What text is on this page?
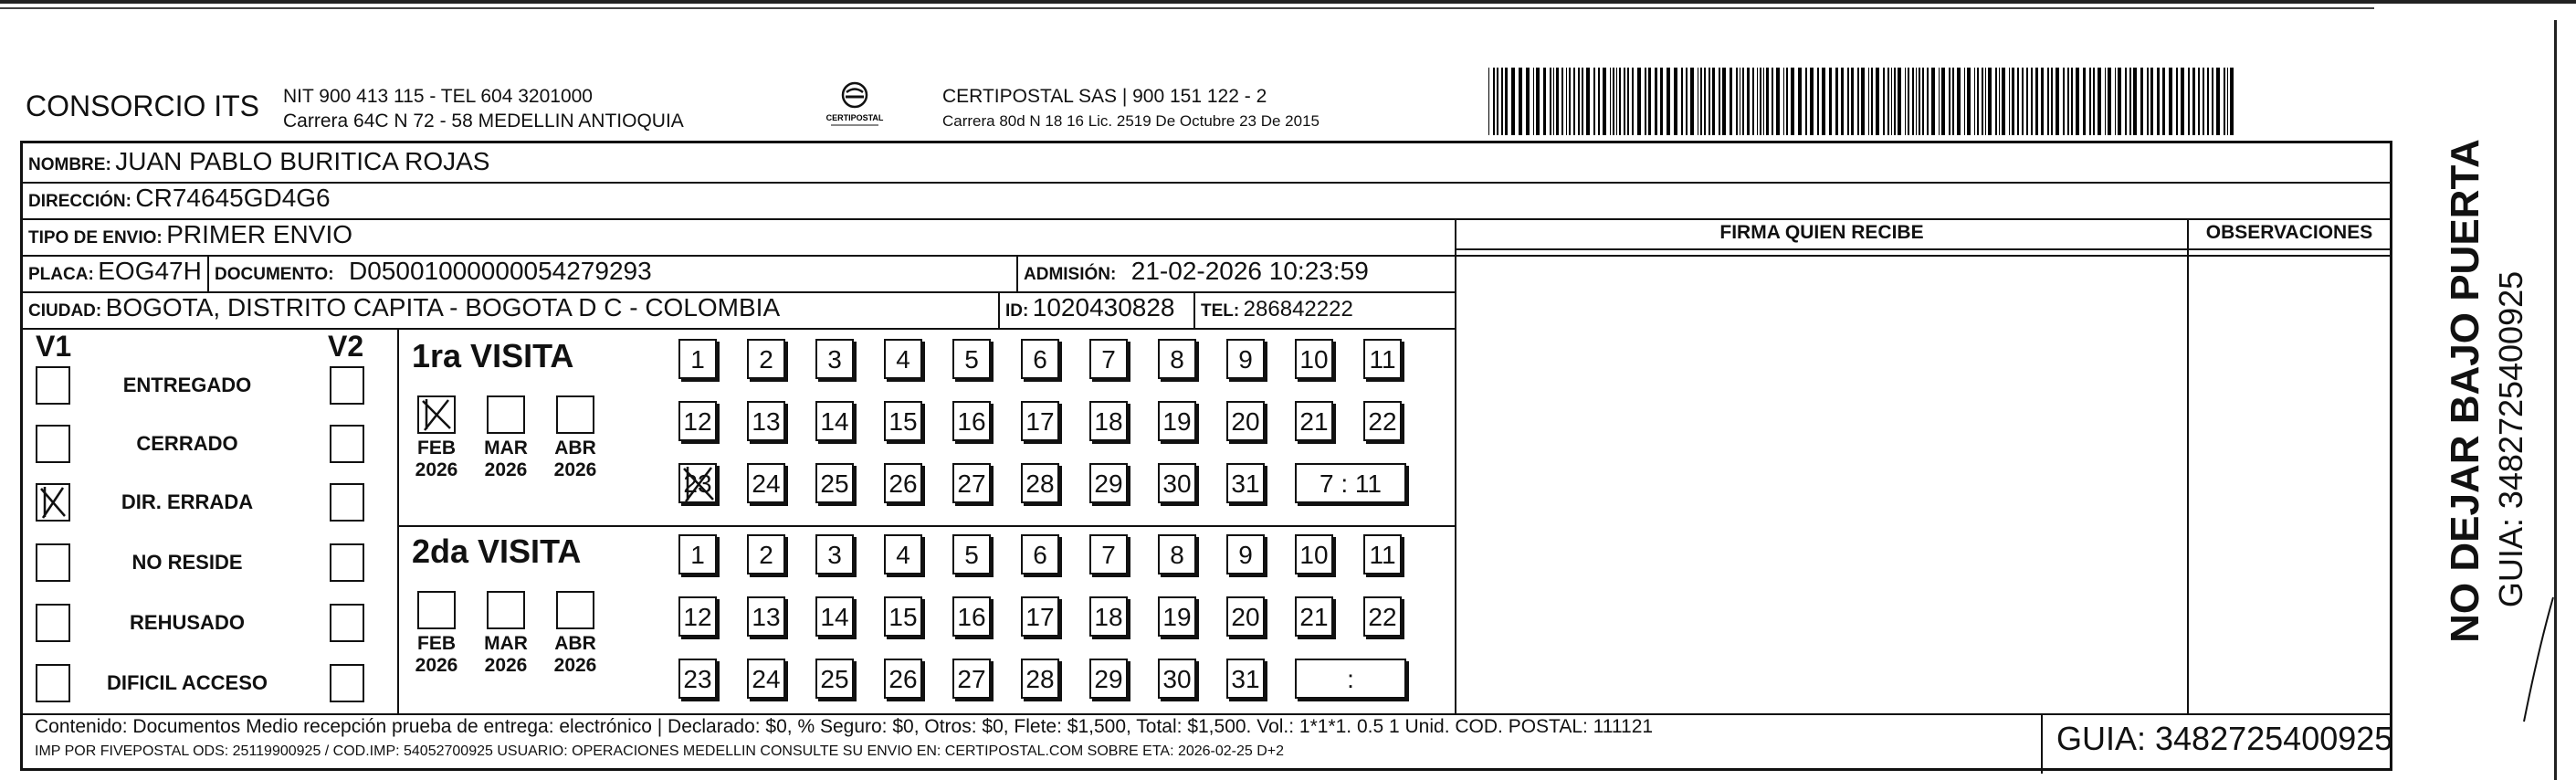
CONSORCIO ITS NIT 900 413 115 - TEL 604 3201000
Carrera 64C N 72 - 58 MEDELLIN ANTIOQUIA	CERTIPOSTAL
CERTIPOSTAL SAS | 900 151 122 - 2
Carrera 80d N 18 16 Lic. 2519 De Octubre 23 De 2015
NOMBRE: JUAN PABLO BURITICA ROJAS
DIRECCIÓN: CR74645GD4G6
TIPO DE ENVIO: PRIMER ENVIO
PLACA: EOG47H DOCUMENTO: D05001000000054279293	ADMISIÓN: 21-02-2026 10:23:59
CIUDAD: BOGOTA, DISTRITO CAPITA - BOGOTA D C - COLOMBIA	ID: 1020430828 TEL: 286842222
FIRMA QUIEN RECIBE	OBSERVACIONES
V1	V2
ENTREGADO
CERRADO
DIR. ERRADA
NO RESIDE
REHUSADO
DIFICIL ACCESO
1ra VISITA
2da VISITA
FEB
2026
MAR
2026
ABR
2026
FEB
2026
MAR
2026
ABR
2026
1	2	3	4	5	6	7	8	9	10 11
12 13 14 15 16 17 18 19 20 21 22
23 24 25 26 27 28 29 30 31	7 : 11
1	2	3	4	5	6	7	8	9	10 11
12 13 14 15 16 17 18 19 20 21 22
23 24 25 26 27 28 29 30 31	:
Contenido: Documentos Medio recepción prueba de entrega: electrónico | Declarado: $0, % Seguro: $0, Otros: $0, Flete: $1,500, Total: $1,500. Vol.: 1*1*1. 0.5 1 Unid. COD. POSTAL: 111121
IMP POR FIVEPOSTAL ODS: 25119900925 / COD.IMP: 54052700925 USUARIO: OPERACIONES MEDELLIN CONSULTE SU ENVIO EN: CERTIPOSTAL.COM SOBRE ETA: 2026-02-25 D+2	GUIA: 3482725400925
NO DEJAR BAJO PUERTA GUIA: 3482725400925
